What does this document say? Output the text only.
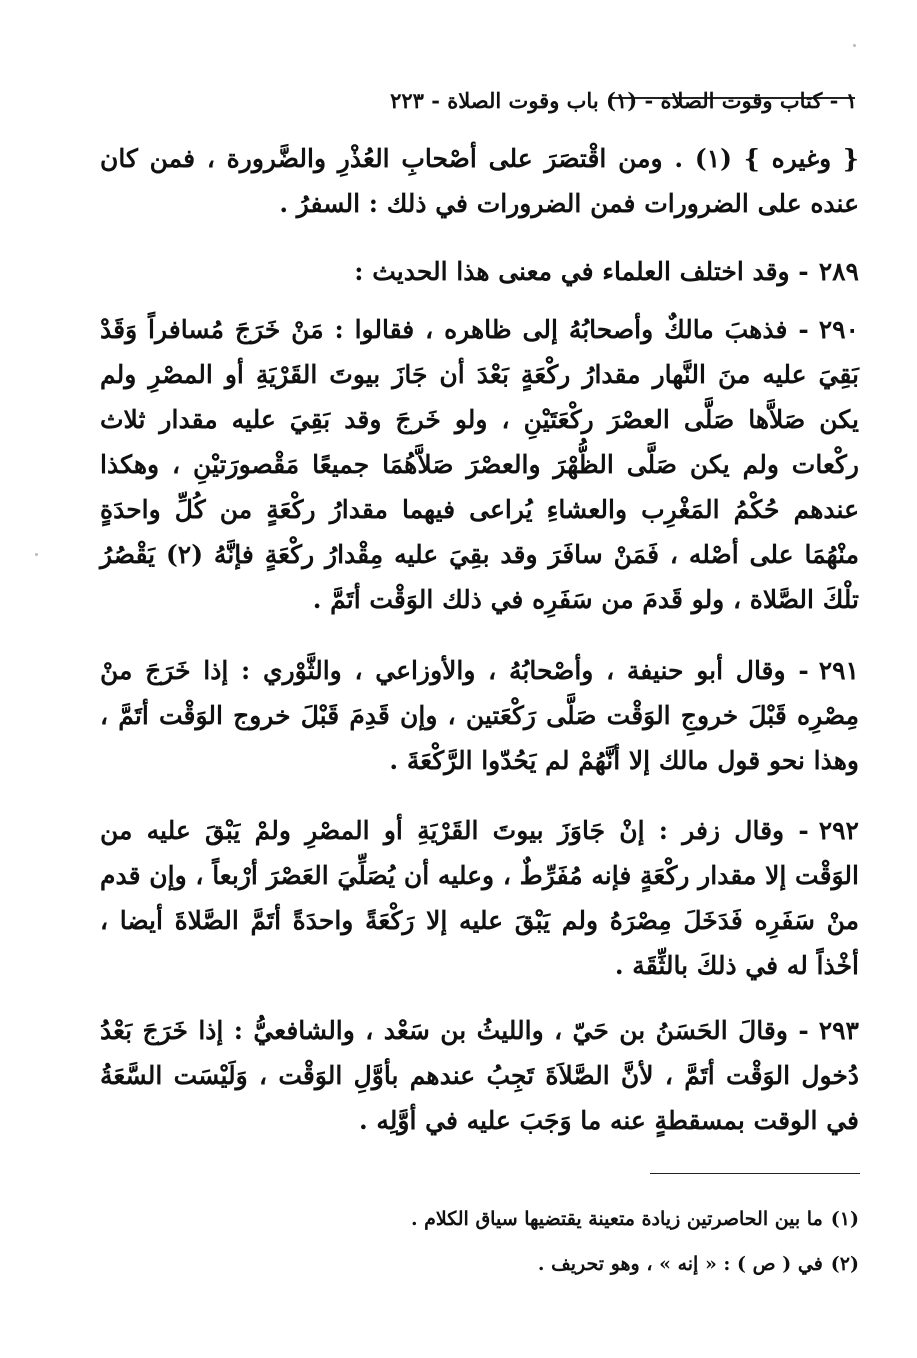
١ - كتاب وقوت الصلاة - (١) باب وقوت الصلاة - ٢٢٣

{ وغيره } (١) . ومن اقْتصَرَ على أصْحابِ العُذْرِ والضَّرورة ، فمن كان عنده على الضرورات فمن الضرورات في ذلك : السفرُ .

٢٨٩- وقد اختلف العلماء في معنى هذا الحديث :

٢٩٠- فذهبَ مالكٌ وأصحابُهُ إلى ظاهره ، فقالوا : مَنْ خَرَجَ مُسافراً وَقَدْ بَقِيَ عليه منَ النَّهار مقدارُ ركْعَةٍ بَعْدَ أن جَازَ بيوتَ القَرْيَةِ أو المصْرِ ولم يكن صَلاَّها صَلَّى العصْرَ ركْعَتَيْنِ ، ولو خَرجَ وقد بَقِيَ عليه مقدار ثلاث ركْعات ولم يكن صَلَّى الظُّهْرَ والعصْرَ صَلاَّهُمَا جميعًا مَقْصورَتيْنِ ، وهكذا عندهم حُكْمُ المَغْرِب والعشاءِ يُراعى فيهما مقدارُ ركْعَةٍ من كُلِّ واحدَةٍ منْهُمَا على أصْله ، فَمَنْ سافَرَ وقد بقِيَ عليه مِقْدارُ ركْعَةٍ فإنَّهُ (٢) يَقْصُرُ تلْكَ الصَّلاة ، ولو قَدمَ من سَفَرِه في ذلك الوَقْت أتَمَّ .

٢٩١- وقال أبو حنيفة ، وأصْحابُهُ ، والأوزاعي ، والثَّوْري : إذا خَرَجَ منْ مِصْرِه قَبْلَ خروجِ الوَقْت صَلَّى رَكْعَتين ، وإن قَدِمَ قَبْلَ خروج الوَقْت أتَمَّ ، وهذا نحو قول مالك إلا أنَّهُمْ لم يَحُدّوا الرَّكْعَةَ .

٢٩٢- وقال زفر : إنْ جَاوَزَ بيوتَ القَرْيَةِ أو المصْرِ ولمْ يَبْقَ عليه من الوَقْت إلا مقدار ركْعَةٍ فإنه مُفَرِّطٌ ، وعليه أن يُصَلِّيَ العَصْرَ أرْبعاً ، وإن قدم منْ سَفَرِه فَدَخَلَ مِصْرَهُ ولم يَبْقَ عليه إلا رَكْعَةً واحدَةً أتَمَّ الصَّلاةَ أيضا ، أخْذاً له في ذلكَ بالثِّقَة .

٢٩٣- وقالَ الحَسَنُ بن حَيّ ، والليثُ بن سَعْد ، والشافعيُّ : إذا خَرَجَ بَعْدُ دُخول الوَقْت أتَمَّ ، لأنَّ الصَّلاَةَ تَجِبُ عندهم بأوَّلِ الوَقْت ، وَلَيْسَت السَّعَةُ في الوقت بمسقطةٍ عنه ما وَجَبَ عليه في أوَّلِه .

(١)ما بين الحاصرتين زيادة متعينة يقتضيها سياق الكلام .
(٢)في ( ص ) : « إنه » ، وهو تحريف .
